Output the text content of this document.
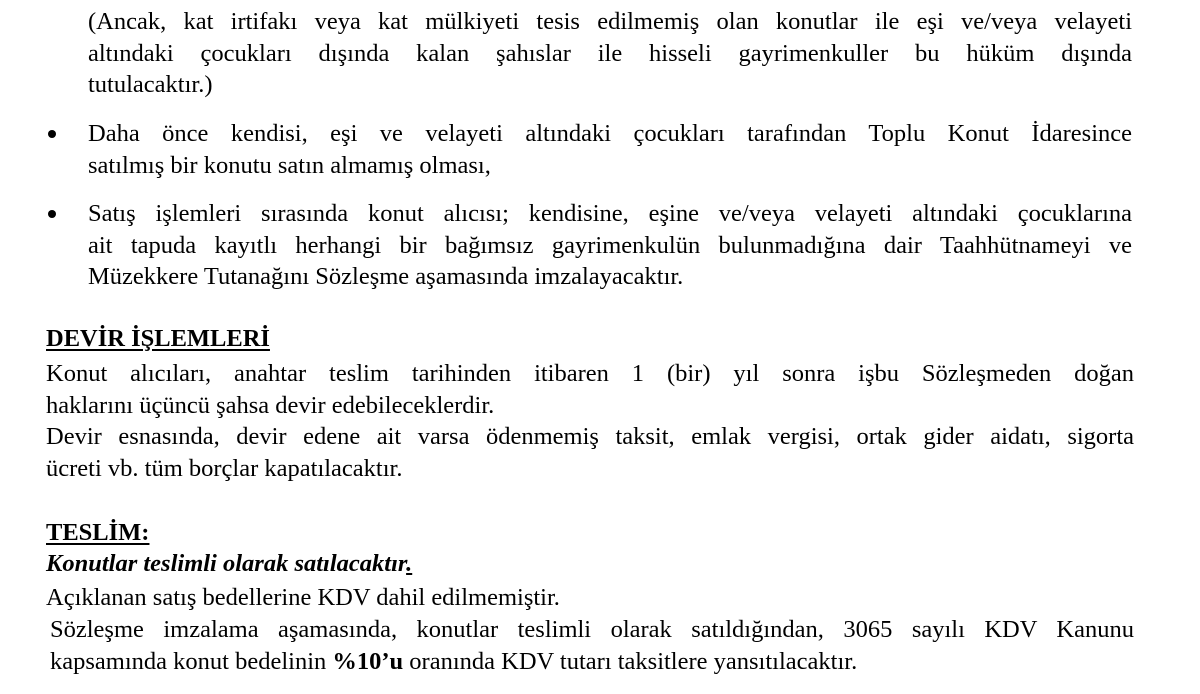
(Ancak, kat irtifakı veya kat mülkiyeti tesis edilmemiş olan konutlar ile eşi ve/veya velayeti
altındaki çocukları dışında kalan şahıslar ile hisseli gayrimenkuller bu hüküm dışında
tutulacaktır.)
Daha önce kendisi, eşi ve velayeti altındaki çocukları tarafından Toplu Konut İdaresince
satılmış bir konutu satın almamış olması,
Satış işlemleri sırasında konut alıcısı; kendisine, eşine ve/veya velayeti altındaki çocuklarına
ait tapuda kayıtlı herhangi bir bağımsız gayrimenkulün bulunmadığına dair Taahhütnameyi ve
Müzekkere Tutanağını Sözleşme aşamasında imzalayacaktır.
DEVİR İŞLEMLERİ
Konut alıcıları, anahtar teslim tarihinden itibaren 1 (bir) yıl sonra işbu Sözleşmeden doğan
haklarını üçüncü şahsa devir edebileceklerdir.
Devir esnasında, devir edene ait varsa ödenmemiş taksit, emlak vergisi, ortak gider aidatı, sigorta
ücreti vb. tüm borçlar kapatılacaktır.
TESLİM:
Konutlar teslimli olarak satılacaktır.
Açıklanan satış bedellerine KDV dahil edilmemiştir.
Sözleşme imzalama aşamasında, konutlar teslimli olarak satıldığından, 3065 sayılı KDV Kanunu
kapsamında konut bedelinin %10’u oranında KDV tutarı taksitlere yansıtılacaktır.
